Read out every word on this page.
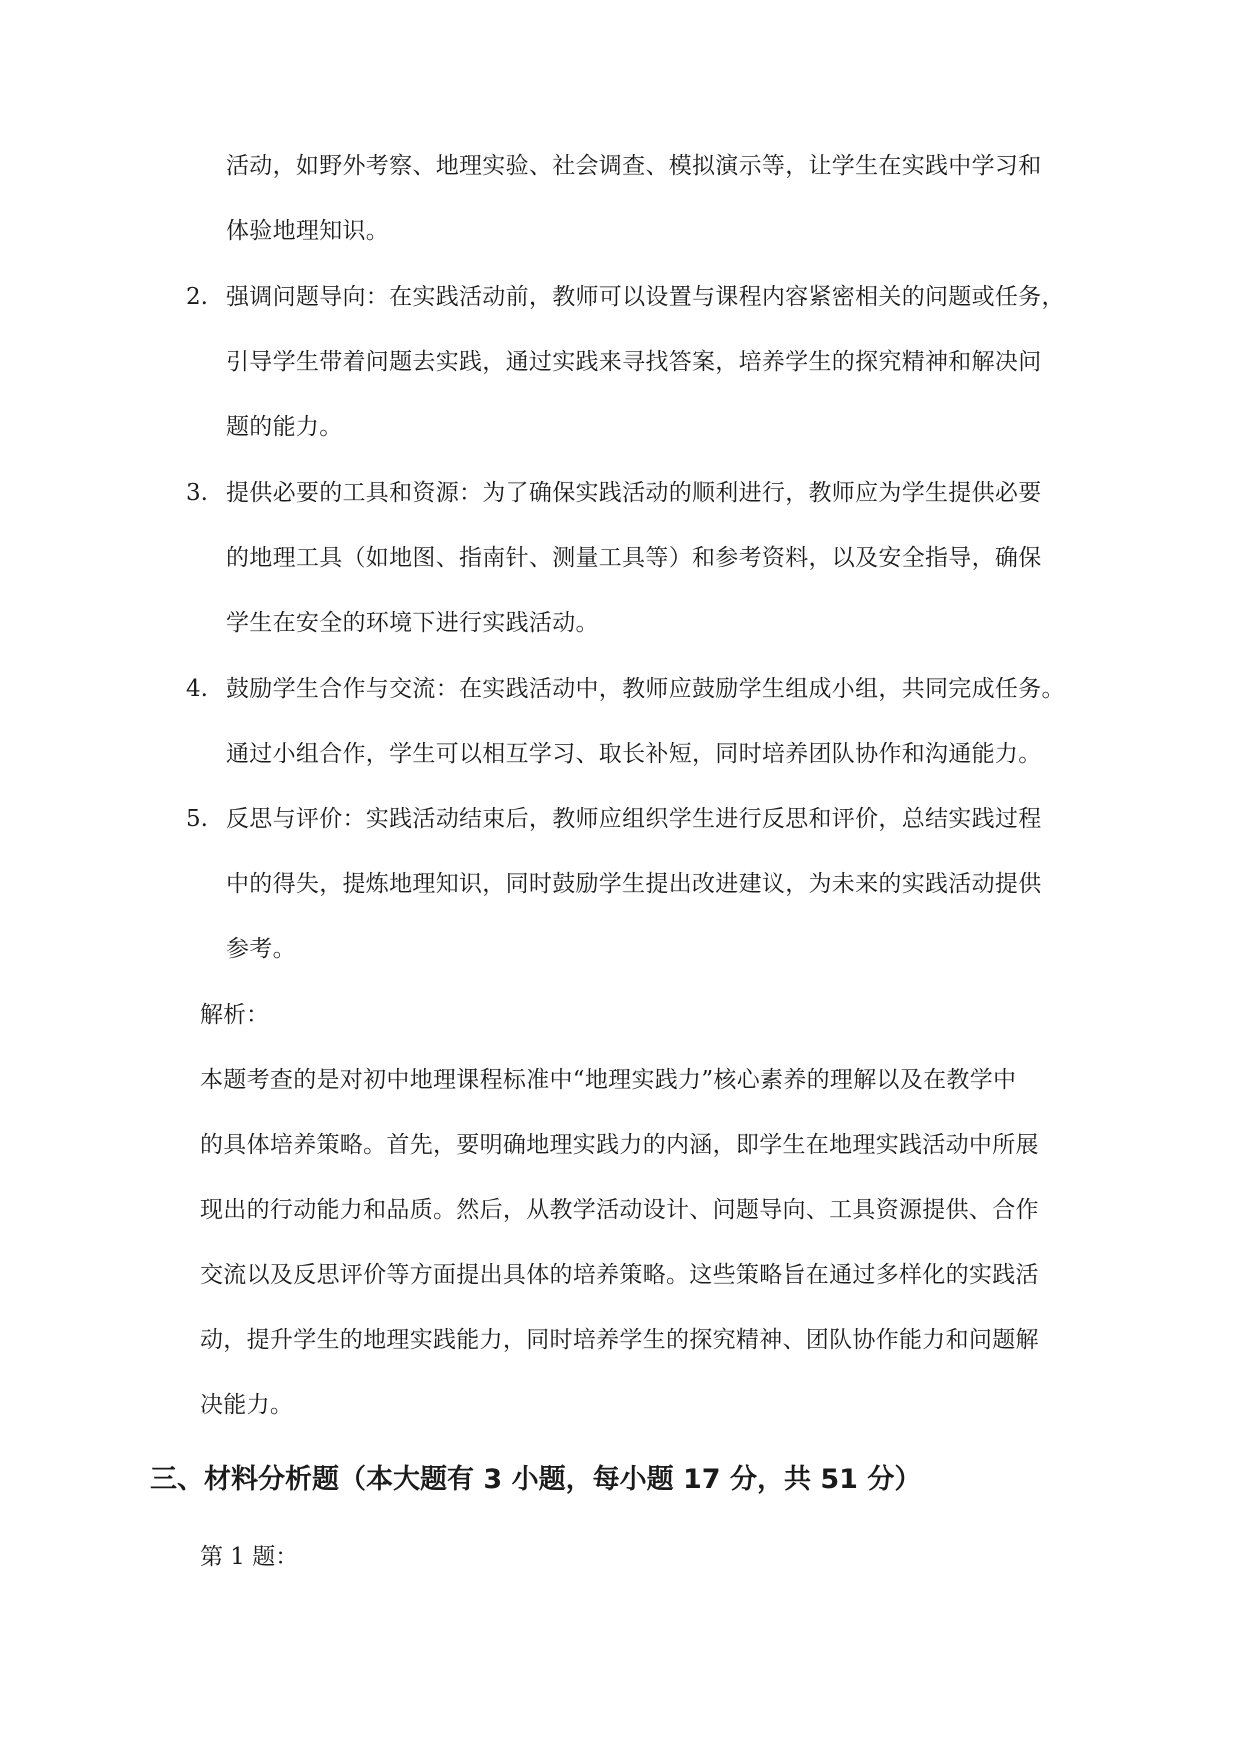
活动，如野外考察、地理实验、社会调查、模拟演示等，让学生在实践中学习和
体验地理知识。
2. 强调问题导向：在实践活动前，教师可以设置与课程内容紧密相关的问题或任务，
引导学生带着问题去实践，通过实践来寻找答案，培养学生的探究精神和解决问
题的能力。
3. 提供必要的工具和资源：为了确保实践活动的顺利进行，教师应为学生提供必要
的地理工具（如地图、指南针、测量工具等）和参考资料，以及安全指导，确保
学生在安全的环境下进行实践活动。
4. 鼓励学生合作与交流：在实践活动中，教师应鼓励学生组成小组，共同完成任务。
通过小组合作，学生可以相互学习、取长补短，同时培养团队协作和沟通能力。
5. 反思与评价：实践活动结束后，教师应组织学生进行反思和评价，总结实践过程
中的得失，提炼地理知识，同时鼓励学生提出改进建议，为未来的实践活动提供
参考。
解析：
本题考查的是对初中地理课程标准中“地理实践力”核心素养的理解以及在教学中
的具体培养策略。首先，要明确地理实践力的内涵，即学生在地理实践活动中所展
现出的行动能力和品质。然后，从教学活动设计、问题导向、工具资源提供、合作
交流以及反思评价等方面提出具体的培养策略。这些策略旨在通过多样化的实践活
动，提升学生的地理实践能力，同时培养学生的探究精神、团队协作能力和问题解
决能力。
三、材料分析题（本大题有 3 小题，每小题 17 分，共 51 分）
第 1 题：
